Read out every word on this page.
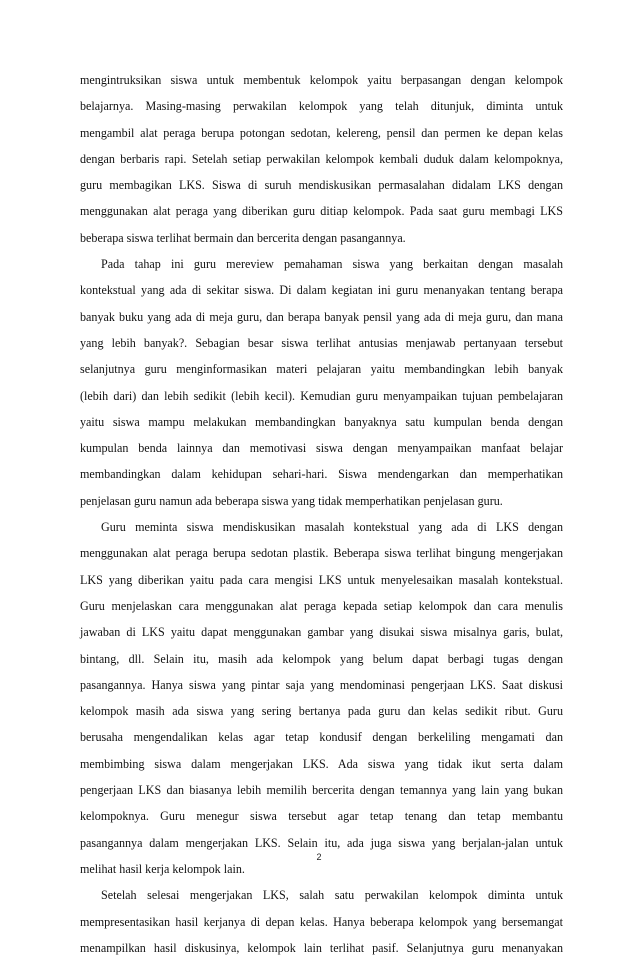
mengintruksikan siswa untuk membentuk kelompok yaitu berpasangan dengan kelompok
belajarnya. Masing-masing perwakilan kelompok yang telah ditunjuk, diminta untuk
mengambil alat peraga berupa potongan sedotan, kelereng, pensil dan permen ke depan kelas
dengan berbaris rapi. Setelah setiap perwakilan kelompok kembali duduk dalam kelompoknya,
guru membagikan LKS. Siswa di suruh mendiskusikan permasalahan didalam LKS dengan
menggunakan alat peraga yang diberikan guru ditiap kelompok. Pada saat guru membagi LKS
beberapa siswa terlihat bermain dan bercerita dengan pasangannya.
Pada tahap ini guru mereview pemahaman siswa yang berkaitan dengan masalah
kontekstual yang ada di sekitar siswa. Di dalam kegiatan ini guru menanyakan tentang berapa
banyak buku yang ada di meja guru, dan berapa banyak pensil yang ada di meja guru, dan mana
yang lebih banyak?. Sebagian besar siswa terlihat antusias menjawab pertanyaan tersebut
selanjutnya guru menginformasikan materi pelajaran yaitu membandingkan lebih banyak
(lebih dari) dan lebih sedikit (lebih kecil). Kemudian guru menyampaikan tujuan pembelajaran
yaitu siswa mampu melakukan membandingkan banyaknya satu kumpulan benda dengan
kumpulan benda lainnya dan memotivasi siswa dengan menyampaikan manfaat belajar
membandingkan dalam kehidupan sehari-hari. Siswa mendengarkan dan memperhatikan
penjelasan guru namun ada beberapa siswa yang tidak memperhatikan penjelasan guru.
Guru meminta siswa mendiskusikan masalah kontekstual yang ada di LKS dengan
menggunakan alat peraga berupa sedotan plastik. Beberapa siswa terlihat bingung mengerjakan
LKS yang diberikan yaitu pada cara mengisi LKS untuk menyelesaikan masalah kontekstual.
Guru menjelaskan cara menggunakan alat peraga kepada setiap kelompok dan cara menulis
jawaban di LKS yaitu dapat menggunakan gambar yang disukai siswa misalnya garis, bulat,
bintang, dll. Selain itu, masih ada kelompok yang belum dapat berbagi tugas dengan
pasangannya. Hanya siswa yang pintar saja yang mendominasi pengerjaan LKS. Saat diskusi
kelompok masih ada siswa yang sering bertanya pada guru dan kelas sedikit ribut. Guru
berusaha mengendalikan kelas agar tetap kondusif dengan berkeliling mengamati dan
membimbing siswa dalam mengerjakan LKS. Ada siswa yang tidak ikut serta dalam
pengerjaan LKS dan biasanya lebih memilih bercerita dengan temannya yang lain yang bukan
kelompoknya. Guru menegur siswa tersebut agar tetap tenang dan tetap membantu
pasangannya dalam mengerjakan LKS. Selain itu, ada juga siswa yang berjalan-jalan untuk
melihat hasil kerja kelompok lain.
Setelah selesai mengerjakan LKS, salah satu perwakilan kelompok diminta untuk
mempresentasikan hasil kerjanya di depan kelas. Hanya beberapa kelompok yang bersemangat
menampilkan hasil diskusinya, kelompok lain terlihat pasif. Selanjutnya guru menanyakan
2
